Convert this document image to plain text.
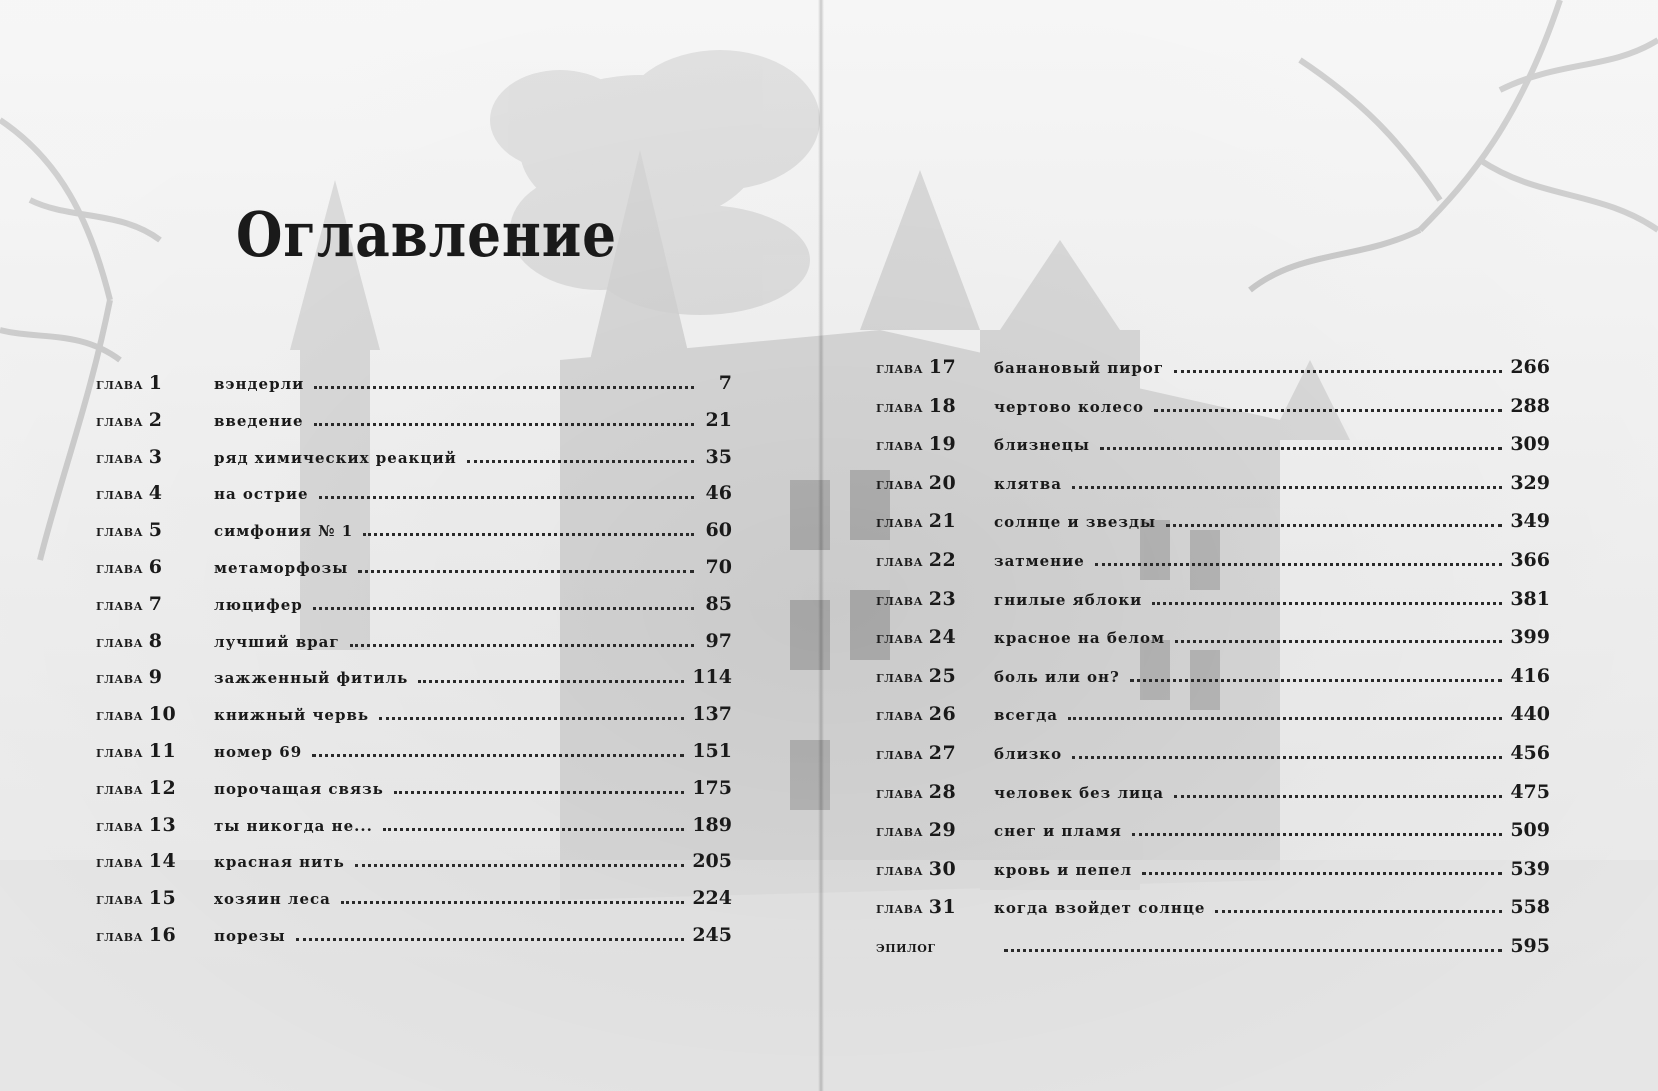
Оглавление
глава 1	вэндерли	7
глава 2	введение	21
глава 3	ряд химических реакций	35
глава 4	на острие	46
глава 5	симфония № 1	60
глава 6	метаморфозы	70
глава 7	люцифер	85
глава 8	лучший враг	97
глава 9	зажженный фитиль	114
глава 10	книжный червь	137
глава 11	номер 69	151
глава 12	порочащая связь	175
глава 13	ты никогда не...	189
глава 14	красная нить	205
глава 15	хозяин леса	224
глава 16	порезы	245
глава 17	банановый пирог	266
глава 18	чертово колесо	288
глава 19	близнецы	309
глава 20	клятва	329
глава 21	солнце и звезды	349
глава 22	затмение	366
глава 23	гнилые яблоки	381
глава 24	красное на белом	399
глава 25	боль или он?	416
глава 26	всегда	440
глава 27	близко	456
глава 28	человек без лица	475
глава 29	снег и пламя	509
глава 30	кровь и пепел	539
глава 31	когда взойдет солнце	558
эпилог	595
